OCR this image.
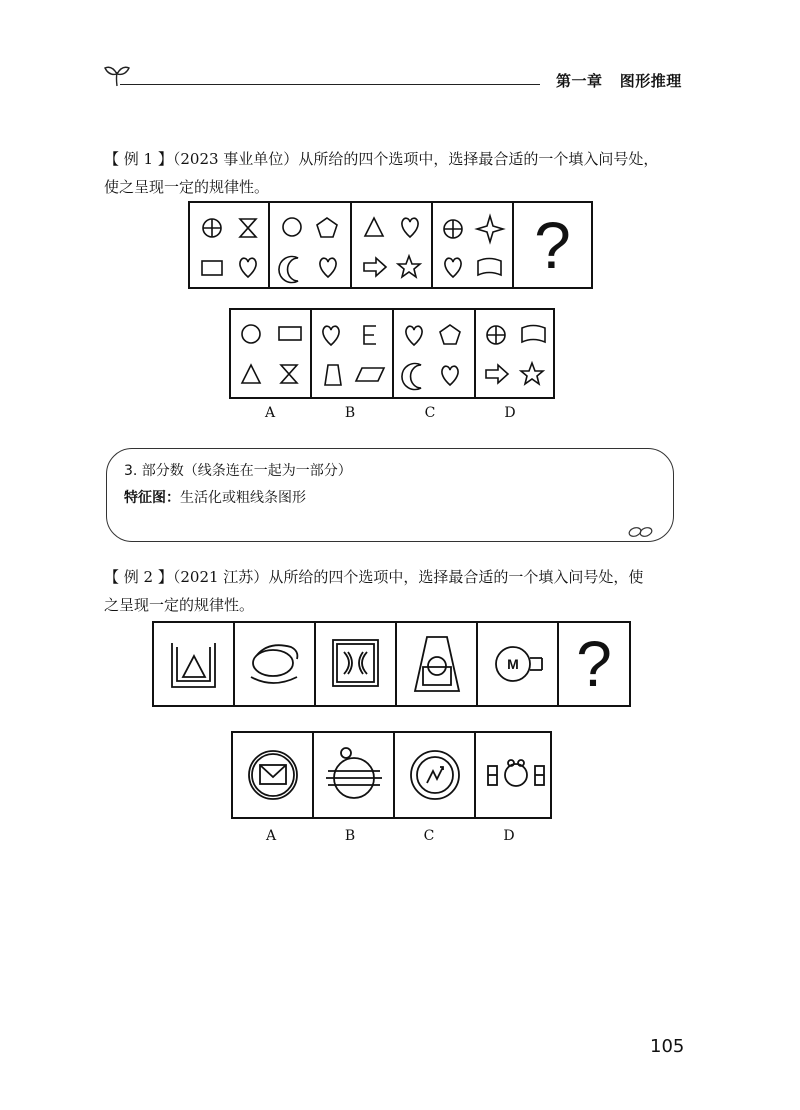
第一章 图形推理
【 例 1 】（2023 事业单位）从所给的四个选项中，选择最合适的一个填入问号处，
使之呈现一定的规律性。
?
A	B	C	D
3. 部分数（线条连在一起为一部分）
特征图：生活化或粗线条图形
【 例 2 】（2021 江苏）从所给的四个选项中，选择最合适的一个填入问号处，使
之呈现一定的规律性。
M ?
A	B	C	D
105
